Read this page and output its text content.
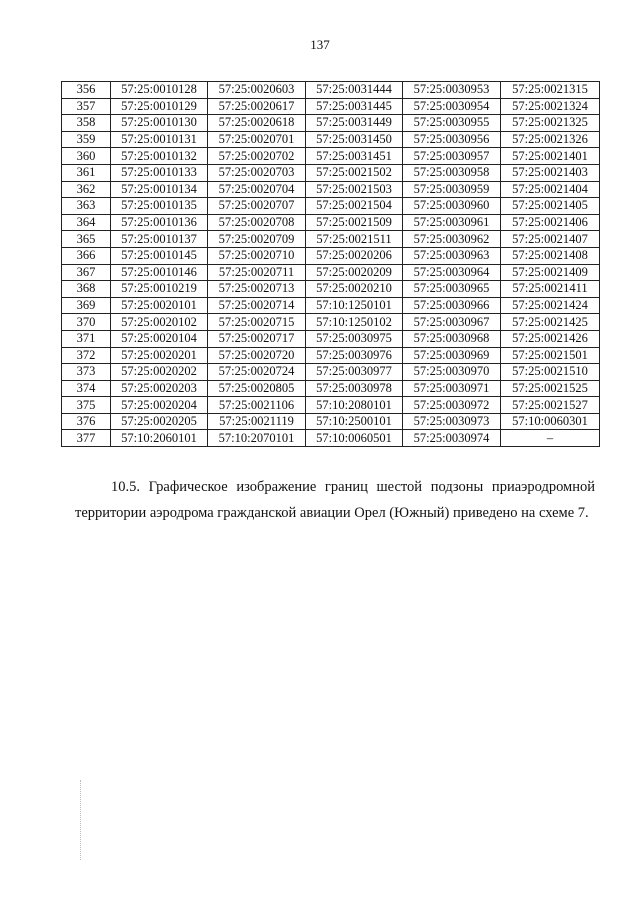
137
356	57:25:0010128	57:25:0020603	57:25:0031444	57:25:0030953	57:25:0021315
357	57:25:0010129	57:25:0020617	57:25:0031445	57:25:0030954	57:25:0021324
358	57:25:0010130	57:25:0020618	57:25:0031449	57:25:0030955	57:25:0021325
359	57:25:0010131	57:25:0020701	57:25:0031450	57:25:0030956	57:25:0021326
360	57:25:0010132	57:25:0020702	57:25:0031451	57:25:0030957	57:25:0021401
361	57:25:0010133	57:25:0020703	57:25:0021502	57:25:0030958	57:25:0021403
362	57:25:0010134	57:25:0020704	57:25:0021503	57:25:0030959	57:25:0021404
363	57:25:0010135	57:25:0020707	57:25:0021504	57:25:0030960	57:25:0021405
364	57:25:0010136	57:25:0020708	57:25:0021509	57:25:0030961	57:25:0021406
365	57:25:0010137	57:25:0020709	57:25:0021511	57:25:0030962	57:25:0021407
366	57:25:0010145	57:25:0020710	57:25:0020206	57:25:0030963	57:25:0021408
367	57:25:0010146	57:25:0020711	57:25:0020209	57:25:0030964	57:25:0021409
368	57:25:0010219	57:25:0020713	57:25:0020210	57:25:0030965	57:25:0021411
369	57:25:0020101	57:25:0020714	57:10:1250101	57:25:0030966	57:25:0021424
370	57:25:0020102	57:25:0020715	57:10:1250102	57:25:0030967	57:25:0021425
371	57:25:0020104	57:25:0020717	57:25:0030975	57:25:0030968	57:25:0021426
372	57:25:0020201	57:25:0020720	57:25:0030976	57:25:0030969	57:25:0021501
373	57:25:0020202	57:25:0020724	57:25:0030977	57:25:0030970	57:25:0021510
374	57:25:0020203	57:25:0020805	57:25:0030978	57:25:0030971	57:25:0021525
375	57:25:0020204	57:25:0021106	57:10:2080101	57:25:0030972	57:25:0021527
376	57:25:0020205	57:25:0021119	57:10:2500101	57:25:0030973	57:10:0060301
377	57:10:2060101	57:10:2070101	57:10:0060501	57:25:0030974	–
10.5. Графическое изображение границ шестой подзоны приаэродромной территории аэродрома гражданской авиации Орел (Южный) приведено на схеме 7.
